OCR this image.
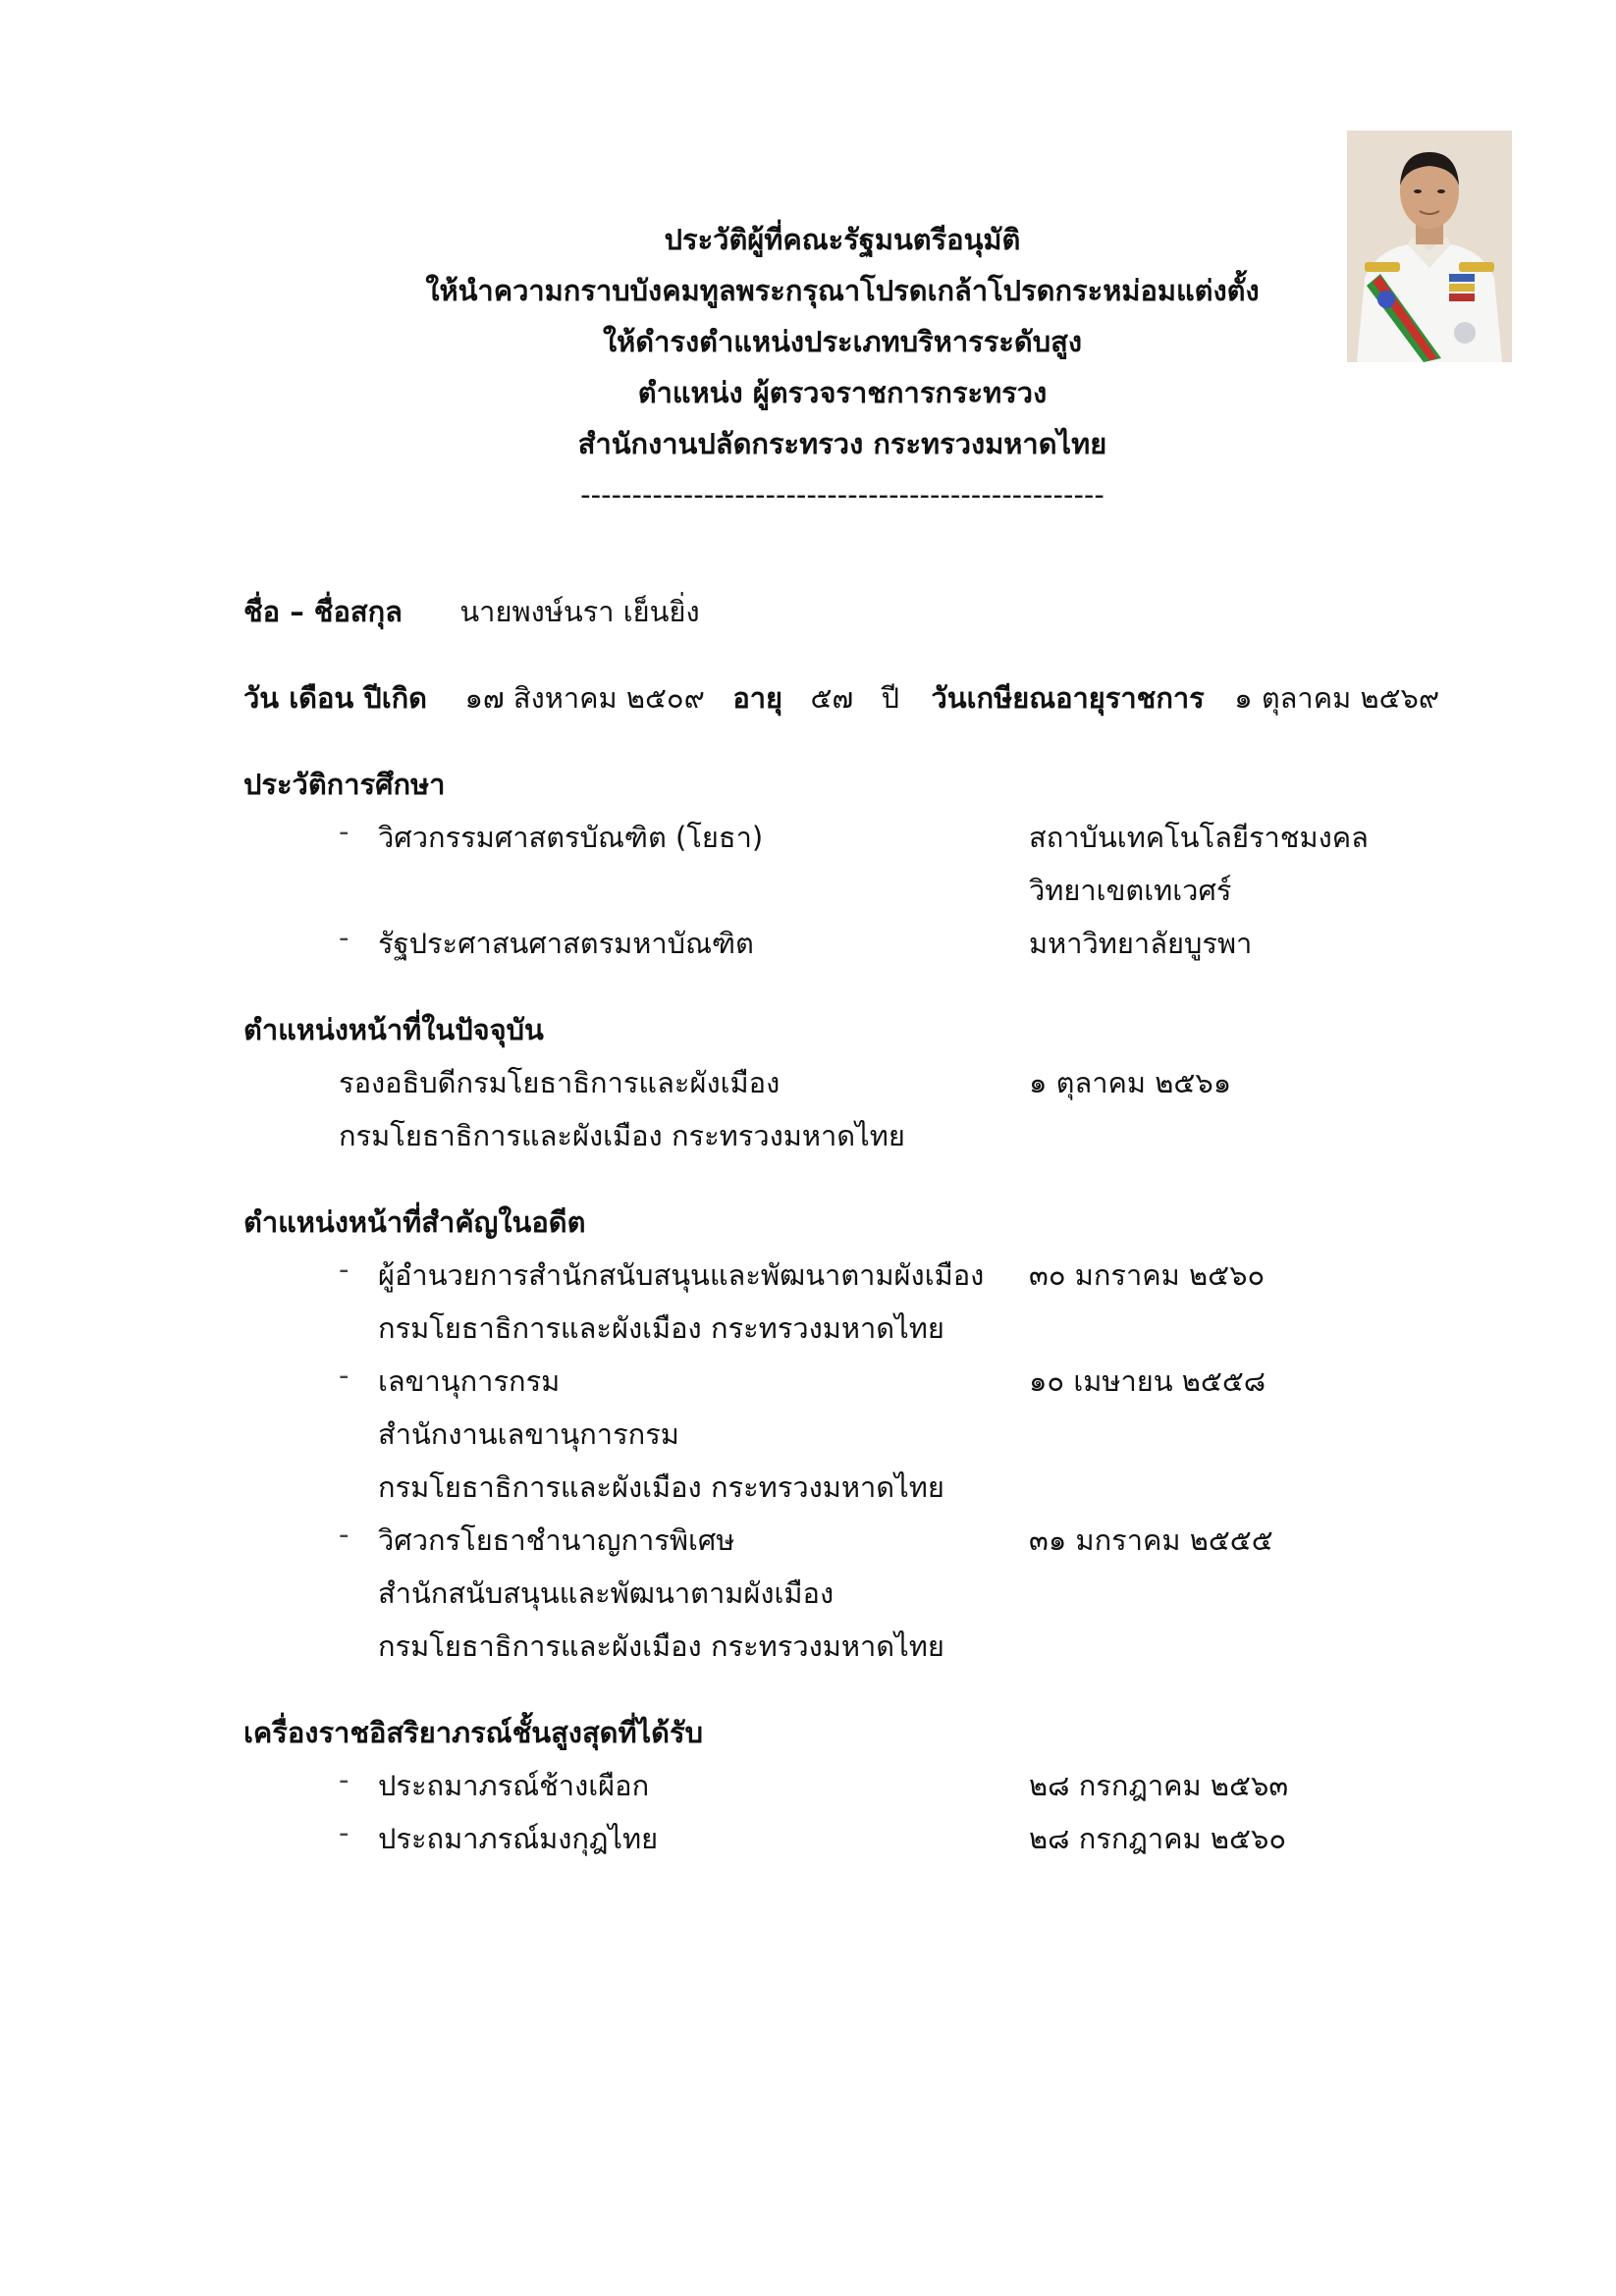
ประวัติผู้ที่คณะรัฐมนตรีอนุมัติ
ให้นำความกราบบังคมทูลพระกรุณาโปรดเกล้าโปรดกระหม่อมแต่งตั้ง
ให้ดำรงตำแหน่งประเภทบริหารระดับสูง
ตำแหน่ง ผู้ตรวจราชการกระทรวง
สำนักงานปลัดกระทรวง กระทรวงมหาดไทย
---------------------------------------------------
ชื่อ – ชื่อสกุล นายพงษ์นรา เย็นยิ่ง
วัน เดือน ปีเกิด ๑๗ สิงหาคม ๒๕๐๙ อายุ ๕๗ ปี วันเกษียณอายุราชการ ๑ ตุลาคม ๒๕๖๙
ประวัติการศึกษา
- วิศวกรรมศาสตรบัณฑิต (โยธา)	สถาบันเทคโนโลยีราชมงคล
วิทยาเขตเทเวศร์
- รัฐประศาสนศาสตรมหาบัณฑิต	มหาวิทยาลัยบูรพา
ตำแหน่งหน้าที่ในปัจจุบัน
รองอธิบดีกรมโยธาธิการและผังเมือง	๑ ตุลาคม ๒๕๖๑
กรมโยธาธิการและผังเมือง กระทรวงมหาดไทย
ตำแหน่งหน้าที่สำคัญในอดีต
- ผู้อำนวยการสำนักสนับสนุนและพัฒนาตามผังเมือง ๓๐ มกราคม ๒๕๖๐
กรมโยธาธิการและผังเมือง กระทรวงมหาดไทย
- เลขานุการกรม	๑๐ เมษายน ๒๕๕๘
สำนักงานเลขานุการกรม
กรมโยธาธิการและผังเมือง กระทรวงมหาดไทย
- วิศวกรโยธาชำนาญการพิเศษ	๓๑ มกราคม ๒๕๕๕
สำนักสนับสนุนและพัฒนาตามผังเมือง
กรมโยธาธิการและผังเมือง กระทรวงมหาดไทย
เครื่องราชอิสริยาภรณ์ชั้นสูงสุดที่ได้รับ
- ประถมาภรณ์ช้างเผือก	๒๘ กรกฎาคม ๒๕๖๓
- ประถมาภรณ์มงกุฎไทย	๒๘ กรกฎาคม ๒๕๖๐
